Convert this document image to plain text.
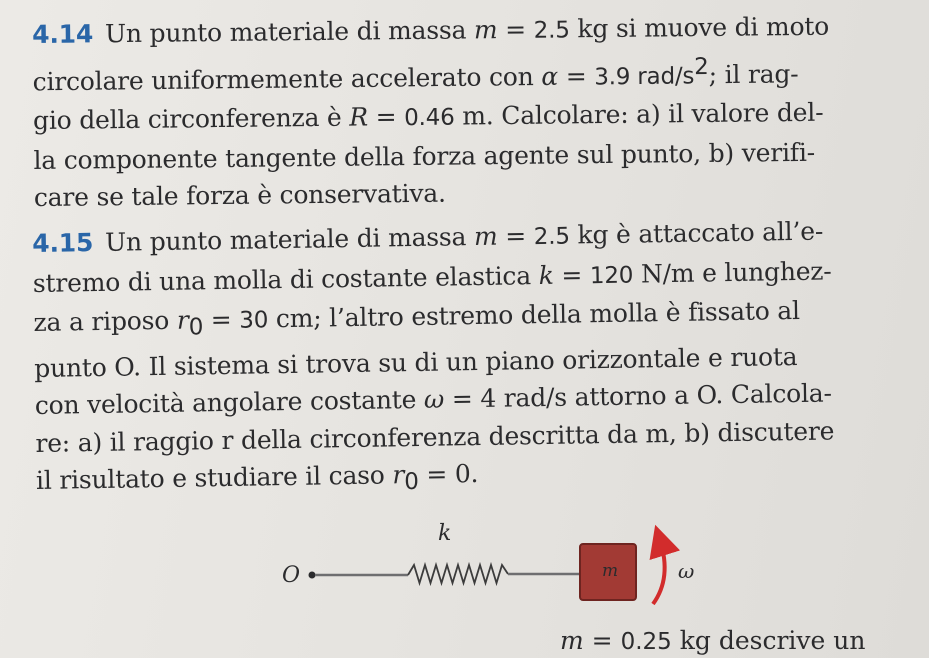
4.14 Un punto materiale di massa m = 2.5 kg si muove di moto
circolare uniformemente accelerato con α = 3.9 rad/$s^2$; il rag-
gio della circonferenza è R = 0.46 m. Calcolare: a) il valore del-
la componente tangente della forza agente sul punto, b) verifi-
care se tale forza è conservativa.
4.15 Un punto materiale di massa m = 2.5 kg è attaccato all’e-
stremo di una molla di costante elastica k = 120 N/m e lunghez-
za a riposo $r_0 = 30$ cm; l’altro estremo della molla è fissato al
punto O. Il sistema si trova su di un piano orizzontale e ruota
con velocità angolare costante ω = 4 rad/s attorno a O. Calcola-
re: a) il raggio r della circonferenza descritta da m, b) discutere
il risultato e studiare il caso $r_0 = 0$.
k
O	m	ω
m = 0.25 kg descrive un
